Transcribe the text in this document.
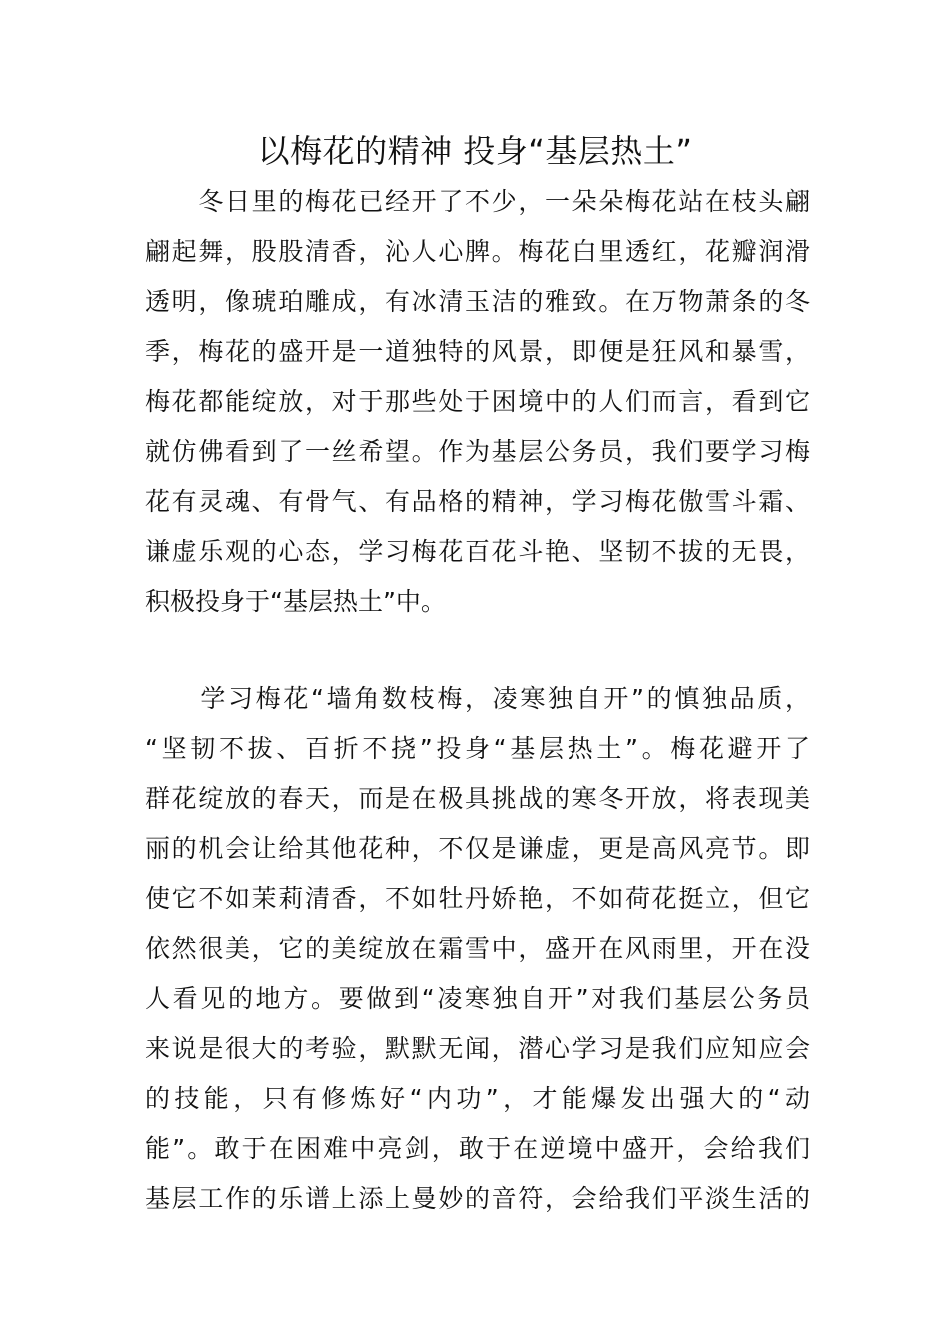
以梅花的精神 投身“基层热土”

　　冬日里的梅花已经开了不少，一朵朵梅花站在枝头翩
翩起舞，股股清香，沁人心脾。梅花白里透红，花瓣润滑
透明，像琥珀雕成，有冰清玉洁的雅致。在万物萧条的冬
季，梅花的盛开是一道独特的风景，即便是狂风和暴雪，
梅花都能绽放，对于那些处于困境中的人们而言，看到它
就仿佛看到了一丝希望。作为基层公务员，我们要学习梅
花有灵魂、有骨气、有品格的精神，学习梅花傲雪斗霜、
谦虚乐观的心态，学习梅花百花斗艳、坚韧不拔的无畏，
积极投身于“基层热土”中。

　　学习梅花“墙角数枝梅，凌寒独自开”的慎独品质，
“坚韧不拔、百折不挠”投身“基层热土”。梅花避开了
群花绽放的春天，而是在极具挑战的寒冬开放，将表现美
丽的机会让给其他花种，不仅是谦虚，更是高风亮节。即
使它不如茉莉清香，不如牡丹娇艳，不如荷花挺立，但它
依然很美，它的美绽放在霜雪中，盛开在风雨里，开在没
人看见的地方。要做到“凌寒独自开”对我们基层公务员
来说是很大的考验，默默无闻，潜心学习是我们应知应会
的技能，只有修炼好“内功”，才能爆发出强大的“动
能”。敢于在困难中亮剑，敢于在逆境中盛开，会给我们
基层工作的乐谱上添上曼妙的音符，会给我们平淡生活的
